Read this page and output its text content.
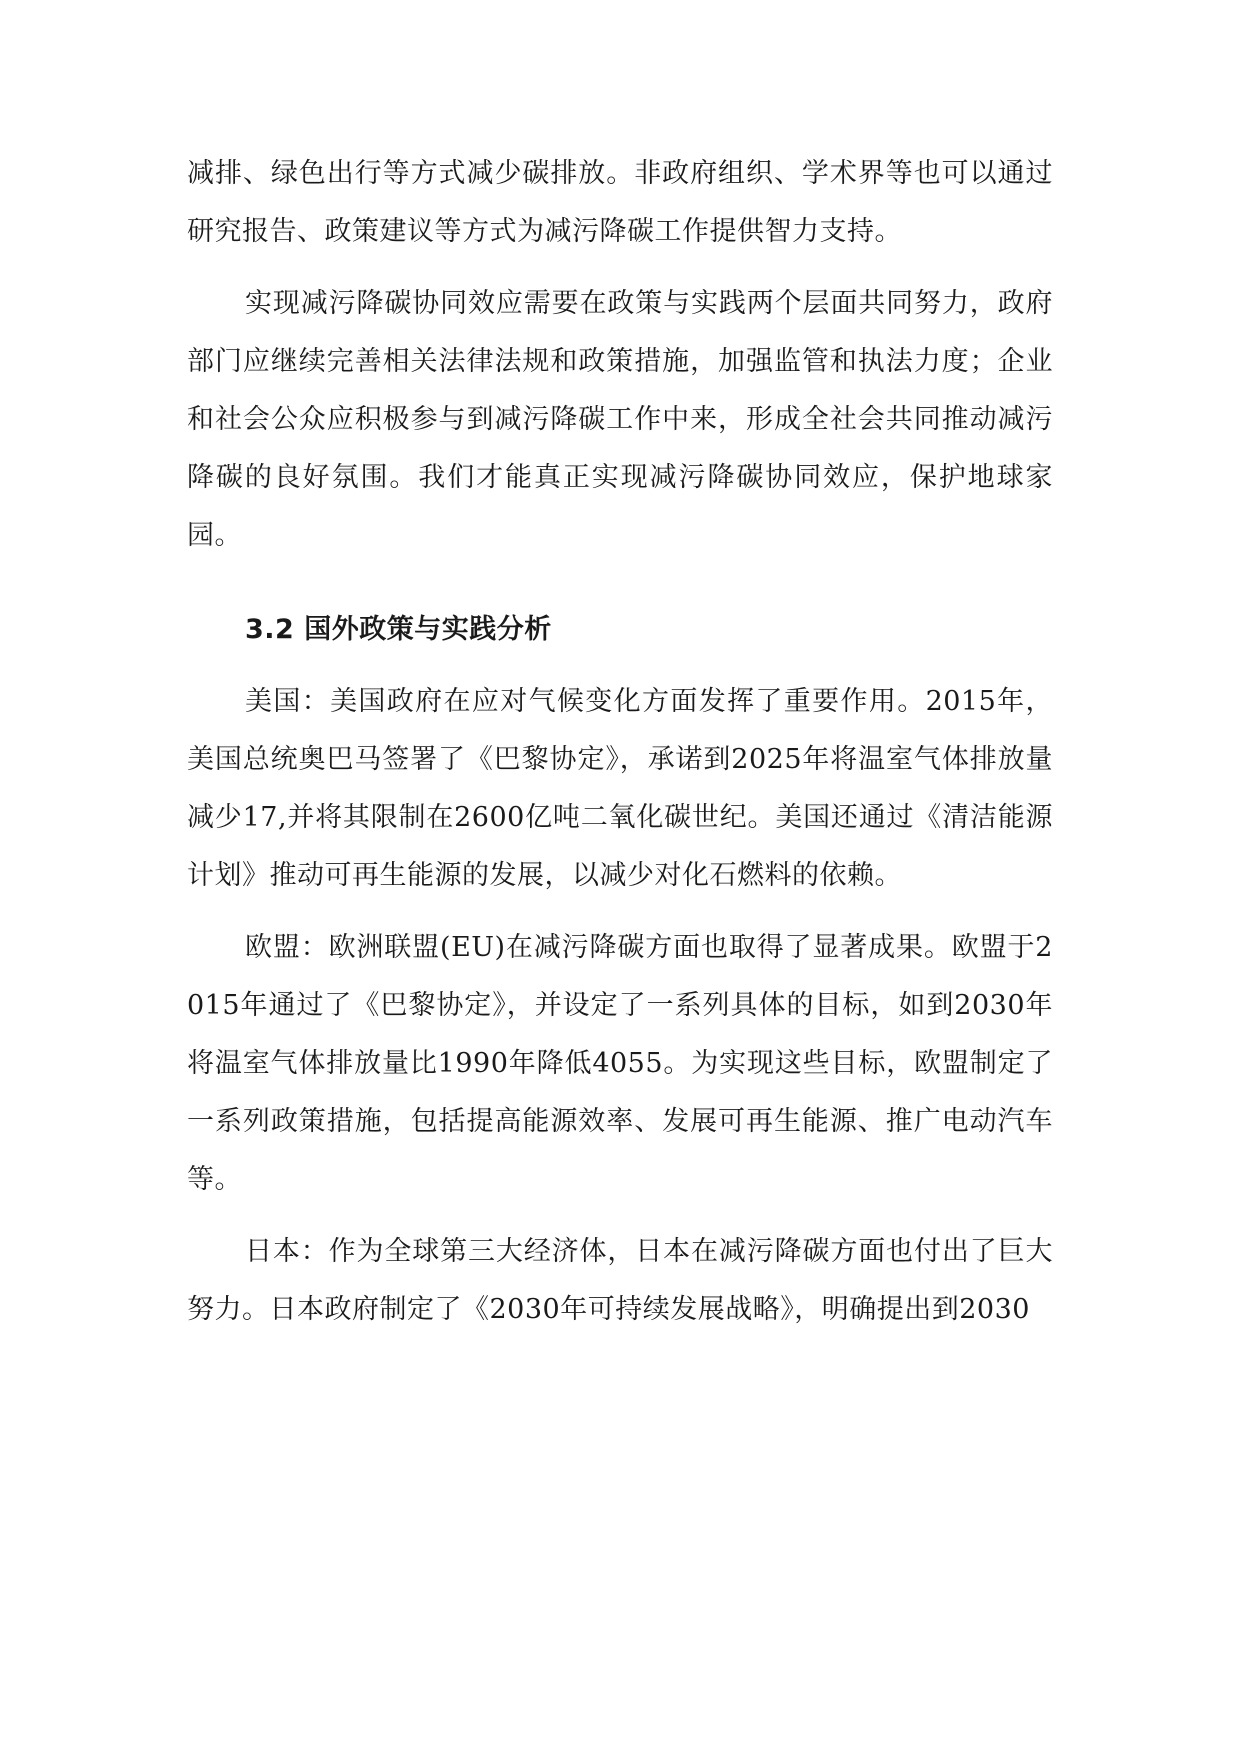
减排、绿色出行等方式减少碳排放。非政府组织、学术界等也可以通过研究报告、政策建议等方式为减污降碳工作提供智力支持。

实现减污降碳协同效应需要在政策与实践两个层面共同努力，政府部门应继续完善相关法律法规和政策措施，加强监管和执法力度；企业和社会公众应积极参与到减污降碳工作中来，形成全社会共同推动减污降碳的良好氛围。我们才能真正实现减污降碳协同效应，保护地球家园。

3.2 国外政策与实践分析

美国：美国政府在应对气候变化方面发挥了重要作用。2015年，美国总统奥巴马签署了《巴黎协定》，承诺到2025年将温室气体排放量减少17,并将其限制在2600亿吨二氧化碳世纪。美国还通过《清洁能源计划》推动可再生能源的发展，以减少对化石燃料的依赖。

欧盟：欧洲联盟(EU)在减污降碳方面也取得了显著成果。欧盟于2015年通过了《巴黎协定》，并设定了一系列具体的目标，如到2030年将温室气体排放量比1990年降低4055。为实现这些目标，欧盟制定了一系列政策措施，包括提高能源效率、发展可再生能源、推广电动汽车等。

日本：作为全球第三大经济体，日本在减污降碳方面也付出了巨大努力。日本政府制定了《2030年可持续发展战略》，明确提出到2030
